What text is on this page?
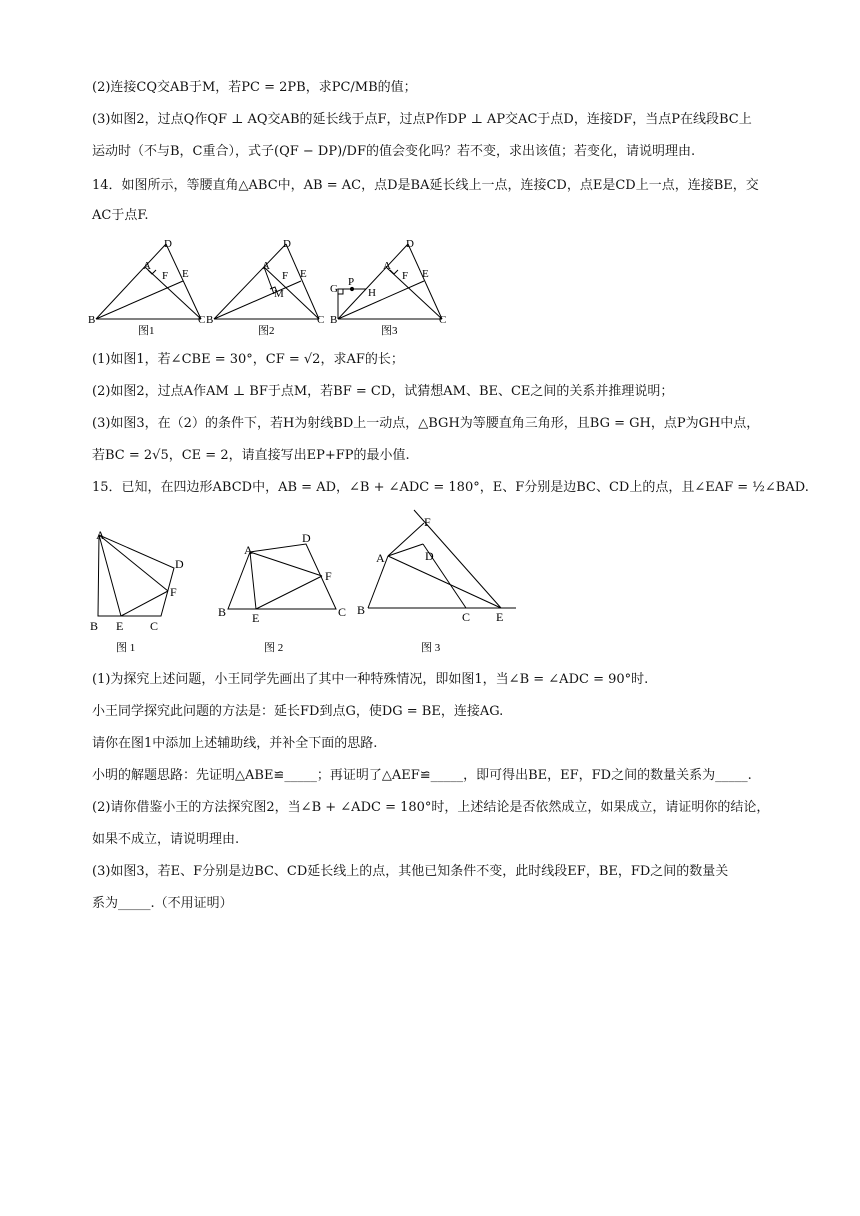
(2)连接CQ交AB于M，若PC = 2PB，求PC/MB的值；
(3)如图2，过点Q作QF ⊥ AQ交AB的延长线于点F，过点P作DP ⊥ AP交AC于点D，连接DF，当点P在线段BC上
运动时（不与B，C重合），式子(QF − DP)/DF的值会变化吗？若不变，求出该值；若变化，请说明理由.
14．如图所示，等腰直角△ABC中，AB = AC，点D是BA延长线上一点，连接CD，点E是CD上一点，连接BE，交
AC于点F.
D
A
F E
B	C
图1
D
A
F E
M
B	C
图2
D
A
F E
G
P
H
B	C
图3
(1)如图1，若∠CBE = 30°，CF = √2，求AF的长；
(2)如图2，过点A作AM ⊥ BF于点M，若BF = CD，试猜想AM、BE、CE之间的关系并推理说明；
(3)如图3，在（2）的条件下，若H为射线BD上一动点，△BGH为等腰直角三角形，且BG = GH，点P为GH中点，
若BC = 2√5，CE = 2，请直接写出EP+FP的最小值.
15．已知，在四边形ABCD中，AB = AD，∠B + ∠ADC = 180°，E、F分别是边BC、CD上的点，且∠EAF = ½∠BAD.
A
D
F
B E C
图 1
A
D
F
B E	C
图 2
A
F
D
B	C E
图 3
(1)为探究上述问题，小王同学先画出了其中一种特殊情况，即如图1，当∠B = ∠ADC = 90°时.
小王同学探究此问题的方法是：延长FD到点G，使DG = BE，连接AG.
请你在图1中添加上述辅助线，并补全下面的思路.
小明的解题思路：先证明△ABE≌_____；再证明了△AEF≌_____，即可得出BE，EF，FD之间的数量关系为_____.
(2)请你借鉴小王的方法探究图2，当∠B + ∠ADC = 180°时，上述结论是否依然成立，如果成立，请证明你的结论，
如果不成立，请说明理由.
(3)如图3，若E、F分别是边BC、CD延长线上的点，其他已知条件不变，此时线段EF，BE，FD之间的数量关
系为_____.（不用证明）
